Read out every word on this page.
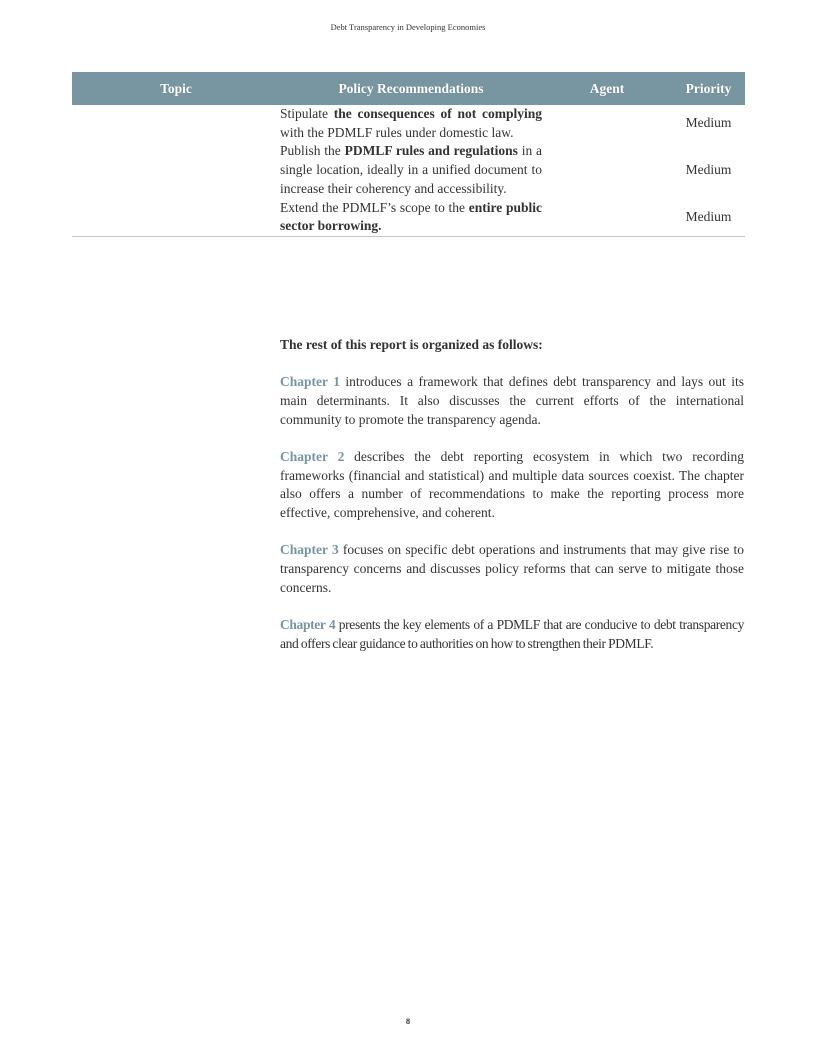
Debt Transparency in Developing Economies
Topic	Policy Recommendations	Agent	Priority
	Stipulate the consequences of not complying with the PDMLF rules under domestic law.		Medium
	Publish the PDMLF rules and regulations in a single location, ideally in a unified document to increase their coherency and accessibility.		Medium
	Extend the PDMLF’s scope to the entire public sector borrowing.		Medium

The rest of this report is organized as follows:

Chapter 1 introduces a framework that defines debt transparency and lays out its main determinants. It also discusses the current efforts of the international community to promote the transparency agenda.

Chapter 2 describes the debt reporting ecosystem in which two recording frameworks (financial and statistical) and multiple data sources coexist. The chapter also offers a number of recommendations to make the reporting process more effective, comprehensive, and coherent.

Chapter 3 focuses on specific debt operations and instruments that may give rise to transparency concerns and discusses policy reforms that can serve to mitigate those concerns.

Chapter 4 presents the key elements of a PDMLF that are conducive to debt transparency and offers clear guidance to authorities on how to strengthen their PDMLF.

8
